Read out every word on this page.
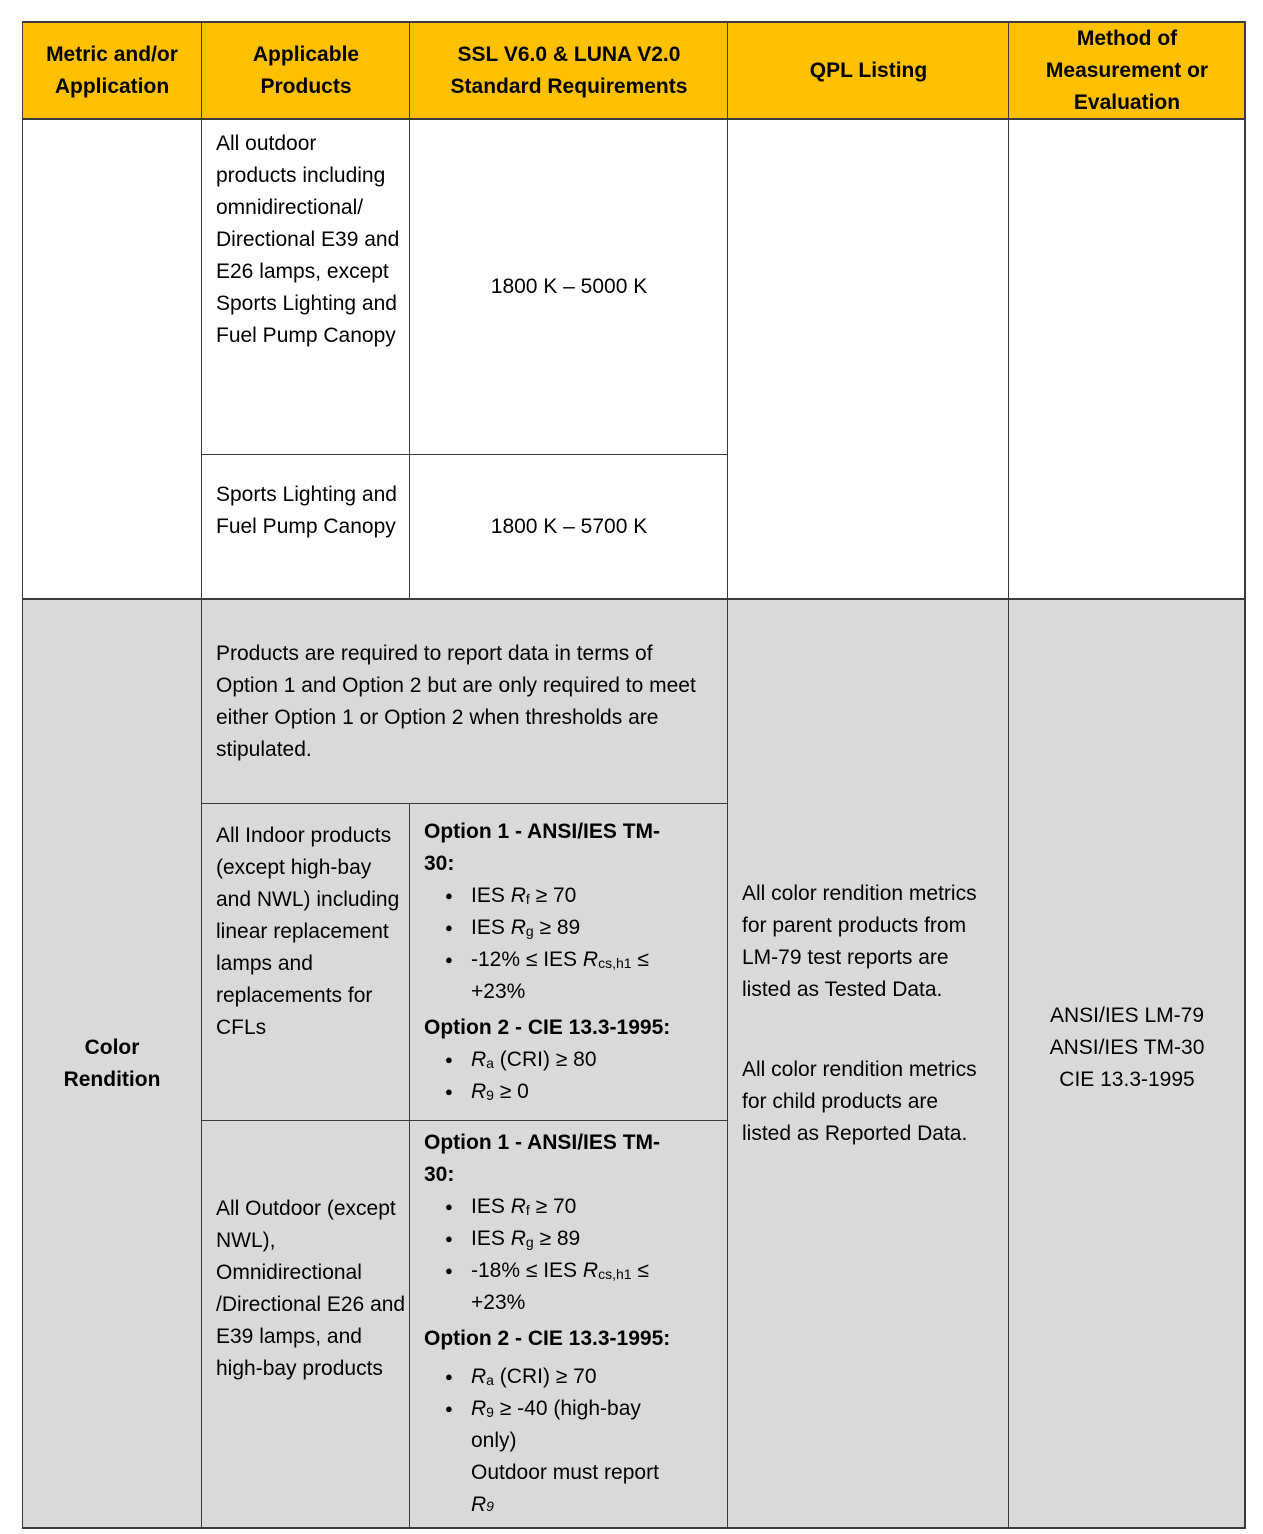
Metric and/or Application
Applicable Products
SSL V6.0 & LUNA V2.0 Standard Requirements
QPL Listing
Method of Measurement or Evaluation
All outdoor products including omnidirectional/ Directional E39 and E26 lamps, except Sports Lighting and Fuel Pump Canopy
1800 K – 5000 K
Sports Lighting and Fuel Pump Canopy	1800 K – 5700 K
Color Rendition
Products are required to report data in terms of Option 1 and Option 2 but are only required to meet either Option 1 or Option 2 when thresholds are stipulated.
All Indoor products (except high-bay and NWL) including linear replacement lamps and replacements for CFLs
Option 1 - ANSI/IES TM-30:
● IES $R_f \ge 70$
● IES $R_g \ge 89$
● -12% ≤ IES $R_{cs,h1} \le +23\%$
Option 2 - CIE 13.3-1995:
● $R_a$ (CRI) ≥ 80
● $R_9 \ge 0$
All Outdoor (except NWL), Omnidirectional /Directional E26 and E39 lamps, and high-bay products
Option 1 - ANSI/IES TM-30:
● IES $R_f \ge 70$
● IES $R_g \ge 89$
● -18% ≤ IES $R_{cs,h1} \le +23\%$
Option 2 - CIE 13.3-1995:
● $R_a$ (CRI) ≥ 70
● $R_9 \ge -40$ (high-bay only)
Outdoor must report
R9
All color rendition metrics for parent products from LM-79 test reports are listed as Tested Data.
All color rendition metrics for child products are listed as Reported Data.
ANSI/IES LM-79
ANSI/IES TM-30
CIE 13.3-1995
